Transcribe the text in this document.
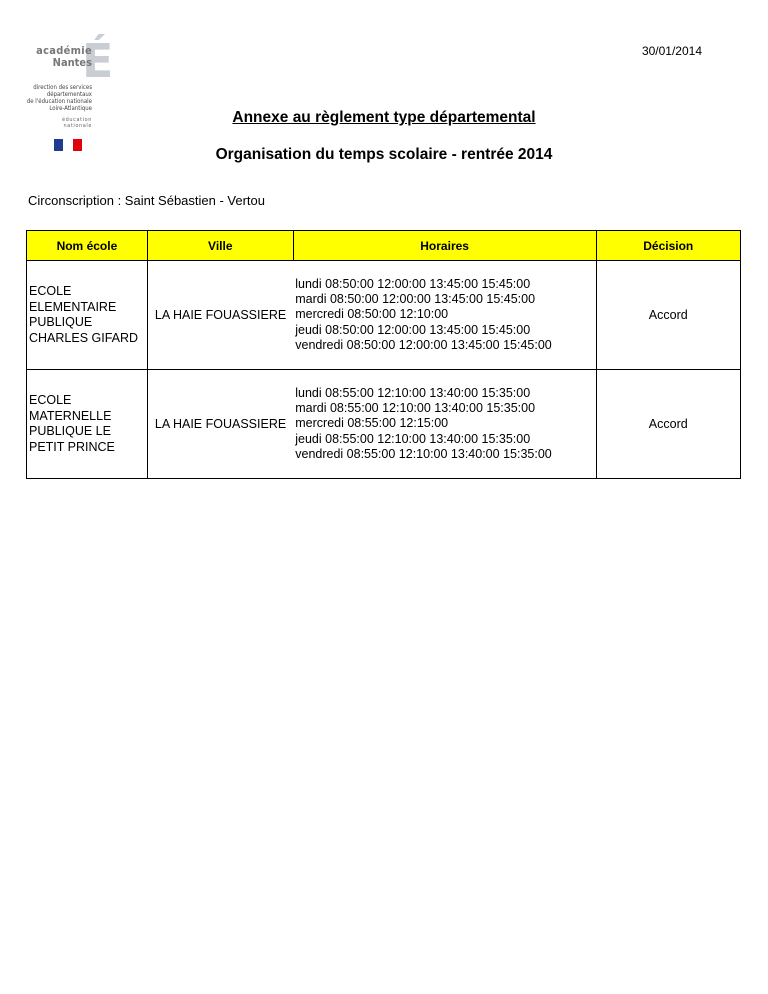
30/01/2014
É
académie
Nantes
direction des services
départementaux
de l'éducation nationale
Loire-Atlantique
éducation
nationale	Annexe au règlement type départemental
Organisation du temps scolaire - rentrée 2014
Circonscription : Saint Sébastien - Vertou
Nom école	Ville	Horaires	Décision

ECOLE
ELEMENTAIRE
PUBLIQUE
CHARLES GIFARD	LA HAIE FOUASSIERE	lundi 08:50:00 12:00:00 13:45:00 15:45:00
mardi 08:50:00 12:00:00 13:45:00 15:45:00
mercredi 08:50:00 12:10:00
jeudi 08:50:00 12:00:00 13:45:00 15:45:00
vendredi 08:50:00 12:00:00 13:45:00 15:45:00	Accord

ECOLE
MATERNELLE
PUBLIQUE LE
PETIT PRINCE	LA HAIE FOUASSIERE	lundi 08:55:00 12:10:00 13:40:00 15:35:00
mardi 08:55:00 12:10:00 13:40:00 15:35:00
mercredi 08:55:00 12:15:00
jeudi 08:55:00 12:10:00 13:40:00 15:35:00
vendredi 08:55:00 12:10:00 13:40:00 15:35:00	Accord
